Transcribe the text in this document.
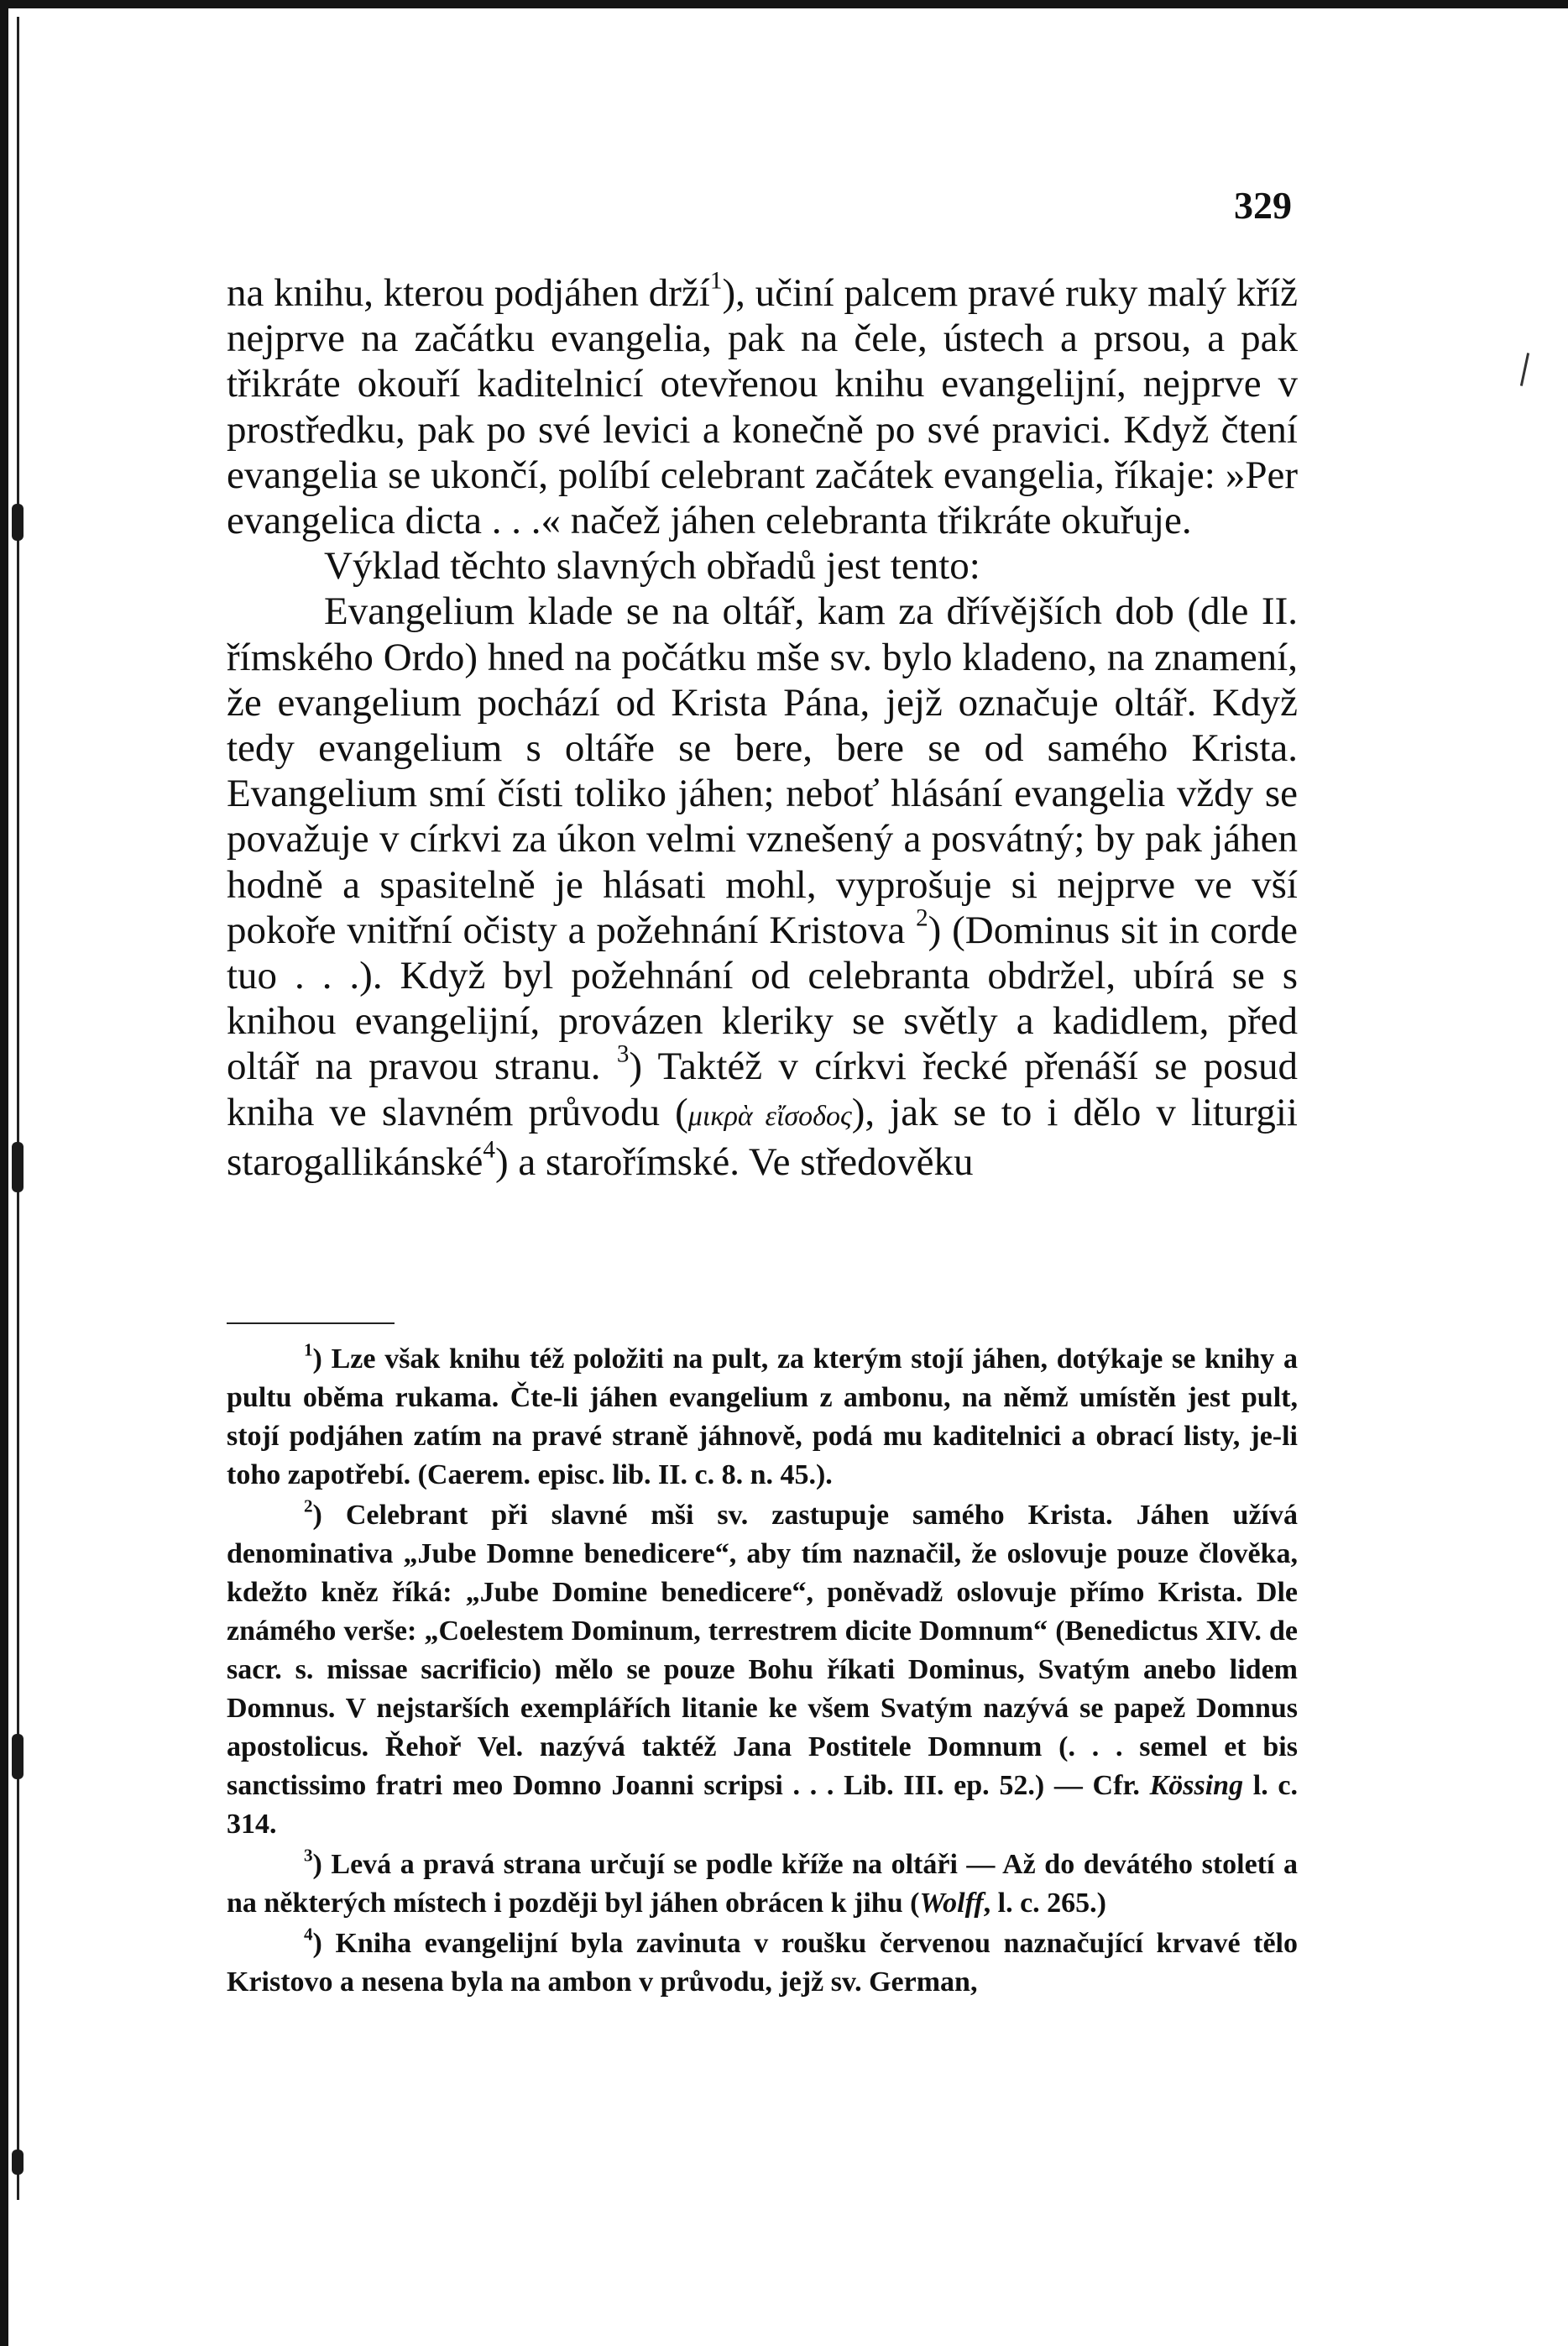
329

na knihu, kterou podjáhen drží$^1$), učiní palcem pravé ruky malý kříž nejprve na začátku evangelia, pak na čele, ústech a prsou, a pak třikráte okouří kaditelnicí otevřenou knihu evangelijní, nejprve v prostředku, pak po své levici a konečně po své pravici. Když čtení evangelia se ukončí, políbí celebrant začátek evangelia, říkaje: »Per evangelica dicta . . .« načež jáhen celebranta třikráte okuřuje.

Výklad těchto slavných obřadů jest tento:

Evangelium klade se na oltář, kam za dřívějších dob (dle II. římského Ordo) hned na počátku mše sv. bylo kladeno, na znamení, že evangelium pochází od Krista Pána, jejž označuje oltář. Když tedy evangelium s oltáře se bere, bere se od samého Krista. Evangelium smí čísti toliko jáhen; neboť hlásání evangelia vždy se považuje v církvi za úkon velmi vznešený a posvátný; by pak jáhen hodně a spasitelně je hlásati mohl, vyprošuje si nejprve ve vší pokoře vnitřní očisty a požehnání Kristova $^2$) (Dominus sit in corde tuo . . .). Když byl požehnání od celebranta obdržel, ubírá se s knihou evangelijní, provázen kleriky se světly a kadidlem, před oltář na pravou stranu. $^3$) Taktéž v církvi řecké přenáší se posud kniha ve slavném průvodu (μικρὰ εἴσοδος), jak se to i dělo v liturgii starogallikánské$^4$) a starořímské. Ve středověku

$^1$) Lze však knihu též položiti na pult, za kterým stojí jáhen, dotýkaje se knihy a pultu oběma rukama. Čte-li jáhen evangelium z ambonu, na němž umístěn jest pult, stojí podjáhen zatím na pravé straně jáhnově, podá mu kaditelnici a obrací listy, je-li toho zapotřebí. (Caerem. episc. lib. II. c. 8. n. 45.).

$^2$) Celebrant při slavné mši sv. zastupuje samého Krista. Jáhen užívá denominativa „Jube Domne benedicere“, aby tím naznačil, že oslovuje pouze člověka, kdežto kněz říká: „Jube Domine benedicere“, poněvadž oslovuje přímo Krista. Dle známého verše: „Coelestem Dominum, terrestrem dicite Domnum“ (Benedictus XIV. de sacr. s. missae sacrificio) mělo se pouze Bohu říkati Dominus, Svatým anebo lidem Domnus. V nejstarších exemplářích litanie ke všem Svatým nazývá se papež Domnus apostolicus. Řehoř Vel. nazývá taktéž Jana Postitele Domnum (. . . semel et bis sanctissimo fratri meo Domno Joanni scripsi . . . Lib. III. ep. 52.) — Cfr. Kössing l. c. 314.

$^3$) Levá a pravá strana určují se podle kříže na oltáři — Až do devátého století a na některých místech i později byl jáhen obrácen k jihu (Wolff, l. c. 265.)

$^4$) Kniha evangelijní byla zavinuta v roušku červenou naznačující krvavé tělo Kristovo a nesena byla na ambon v průvodu, jejž sv. German,
